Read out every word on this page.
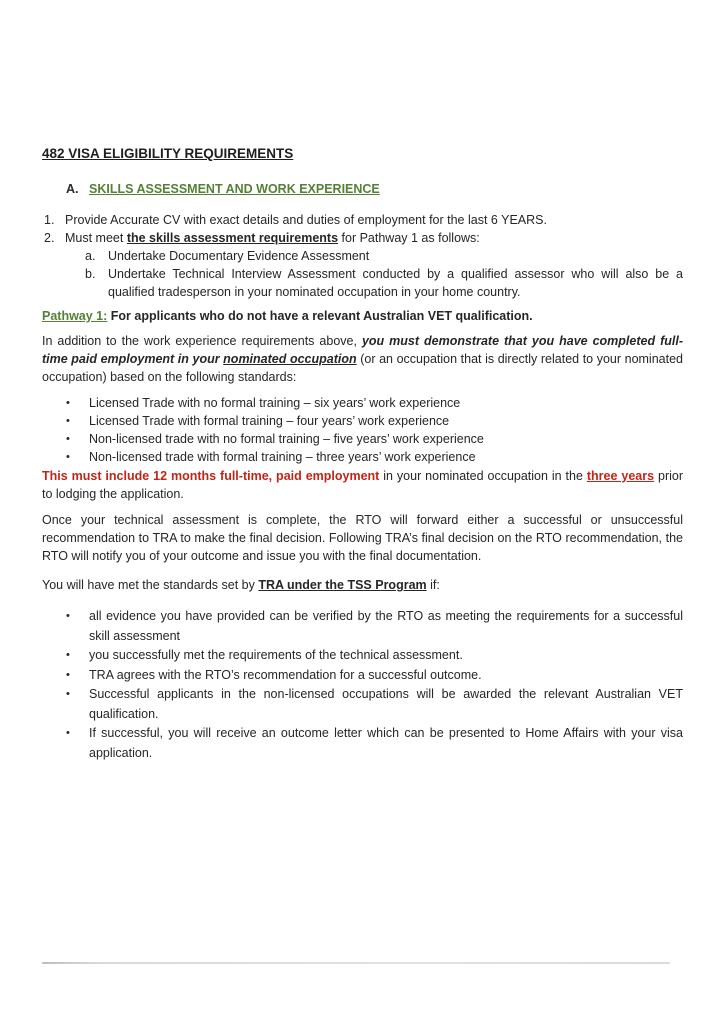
482 VISA ELIGIBILITY REQUIREMENTS
A. SKILLS ASSESSMENT AND WORK EXPERIENCE
1. Provide Accurate CV with exact details and duties of employment for the last 6 YEARS.
2. Must meet the skills assessment requirements for Pathway 1 as follows:
a.	Undertake Documentary Evidence Assessment
b.	Undertake Technical Interview Assessment conducted by a qualified assessor who will also be a qualified tradesperson in your nominated occupation in your home country.

Pathway 1: For applicants who do not have a relevant Australian VET qualification.

In addition to the work experience requirements above, you must demonstrate that you have completed full-time paid employment in your nominated occupation (or an occupation that is directly related to your nominated occupation) based on the following standards:

•	Licensed Trade with no formal training – six years’ work experience
•	Licensed Trade with formal training – four years’ work experience
•	Non-licensed trade with no formal training – five years’ work experience
•	Non-licensed trade with formal training – three years’ work experience

This must include 12 months full-time, paid employment in your nominated occupation in the three years prior to lodging the application.

Once your technical assessment is complete, the RTO will forward either a successful or unsuccessful recommendation to TRA to make the final decision. Following TRA’s final decision on the RTO recommendation, the RTO will notify you of your outcome and issue you with the final documentation.

You will have met the standards set by TRA under the TSS Program if:

•	all evidence you have provided can be verified by the RTO as meeting the requirements for a successful skill assessment
•	you successfully met the requirements of the technical assessment.
•	TRA agrees with the RTO’s recommendation for a successful outcome.
•	Successful applicants in the non-licensed occupations will be awarded the relevant Australian VET qualification.
•	If successful, you will receive an outcome letter which can be presented to Home Affairs with your visa application.
